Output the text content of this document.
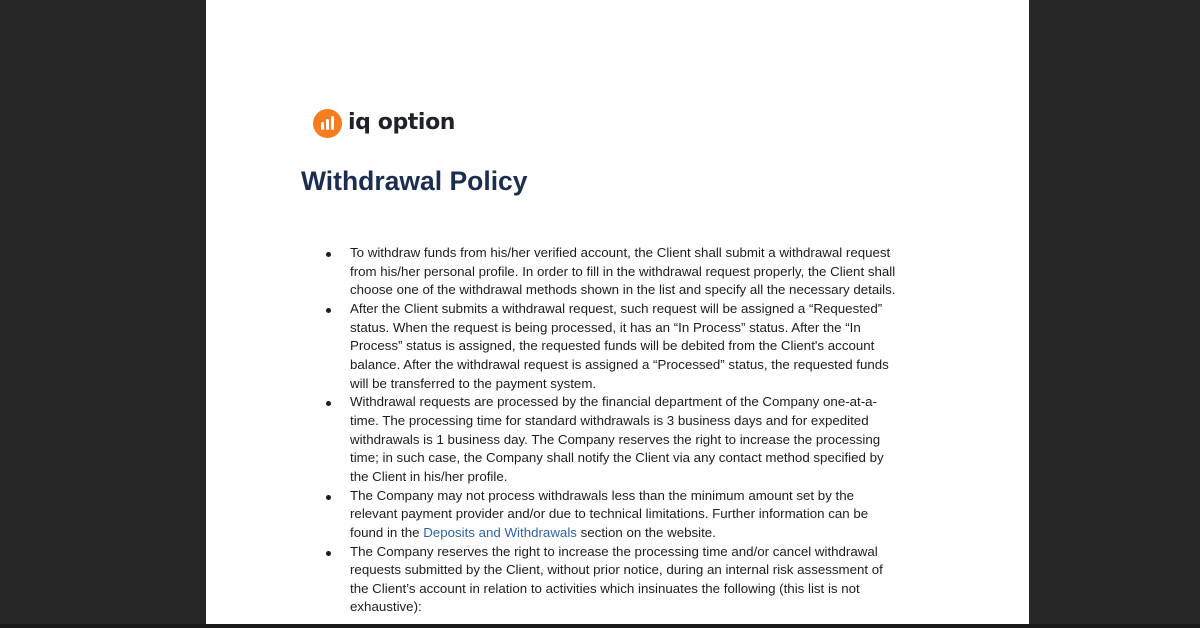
iq option
Withdrawal Policy
To withdraw funds from his/her verified account, the Client shall submit a withdrawal request
from his/her personal profile. In order to fill in the withdrawal request properly, the Client shall
choose one of the withdrawal methods shown in the list and specify all the necessary details.
After the Client submits a withdrawal request, such request will be assigned a “Requested”
status. When the request is being processed, it has an “In Process” status. After the “In
Process” status is assigned, the requested funds will be debited from the Client's account
balance. After the withdrawal request is assigned a “Processed” status, the requested funds
will be transferred to the payment system.
Withdrawal requests are processed by the financial department of the Company one-at-a-
time. The processing time for standard withdrawals is 3 business days and for expedited
withdrawals is 1 business day. The Company reserves the right to increase the processing
time; in such case, the Company shall notify the Client via any contact method specified by
the Client in his/her profile.
The Company may not process withdrawals less than the minimum amount set by the
relevant payment provider and/or due to technical limitations. Further information can be
found in the Deposits and Withdrawals section on the website.
The Company reserves the right to increase the processing time and/or cancel withdrawal
requests submitted by the Client, without prior notice, during an internal risk assessment of
the Client’s account in relation to activities which insinuates the following (this list is not
exhaustive):
